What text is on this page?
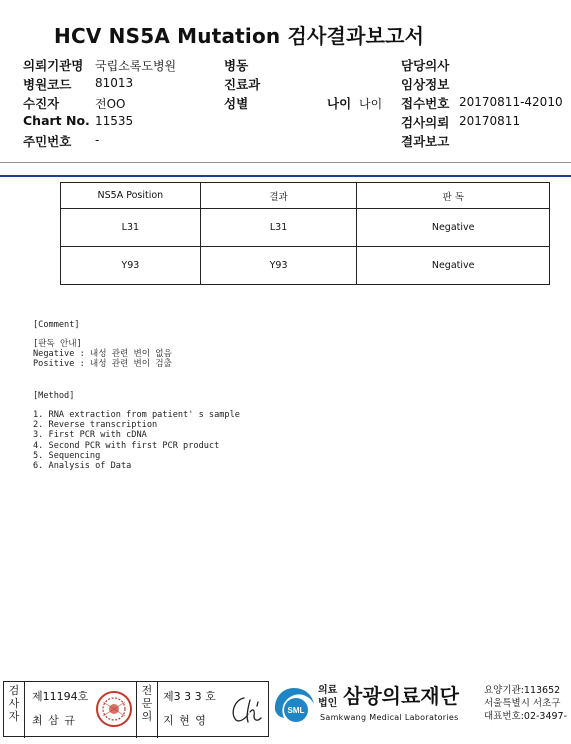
HCV NS5A Mutation 검사결과보고서
의뢰기관명 국립소록도병원
병원코드 81013
수진자	전OO
Chart No. 11535
주민번호 -
병동
진료과
성별
담당의사
임상정보
접수번호 20170811-42010
검사의뢰 20170811
결과보고
나이 나이
NS5A Position	결과	판 독
L31	L31	Negative
Y93	Y93	Negative
[Comment]
[판독 안내]
Negative : 내성 관련 변이 없음
Positive : 내성 관련 변이 검출
[Method]
1. RNA extraction from patient' s sample
2. Reverse transcription
3. First PCR with cDNA
4. Second PCR with first PCR product
5. Sequencing
6. Analysis of Data
검
사
자
제11194호
최 삼 규
전
문
의
제3 3 3 호
지 현 영
SML
의료
법인 삼광의료재단
Samkwang Medical Laboratories
요양기관:113652
서울특별시 서초구
대표번호:02-3497-
